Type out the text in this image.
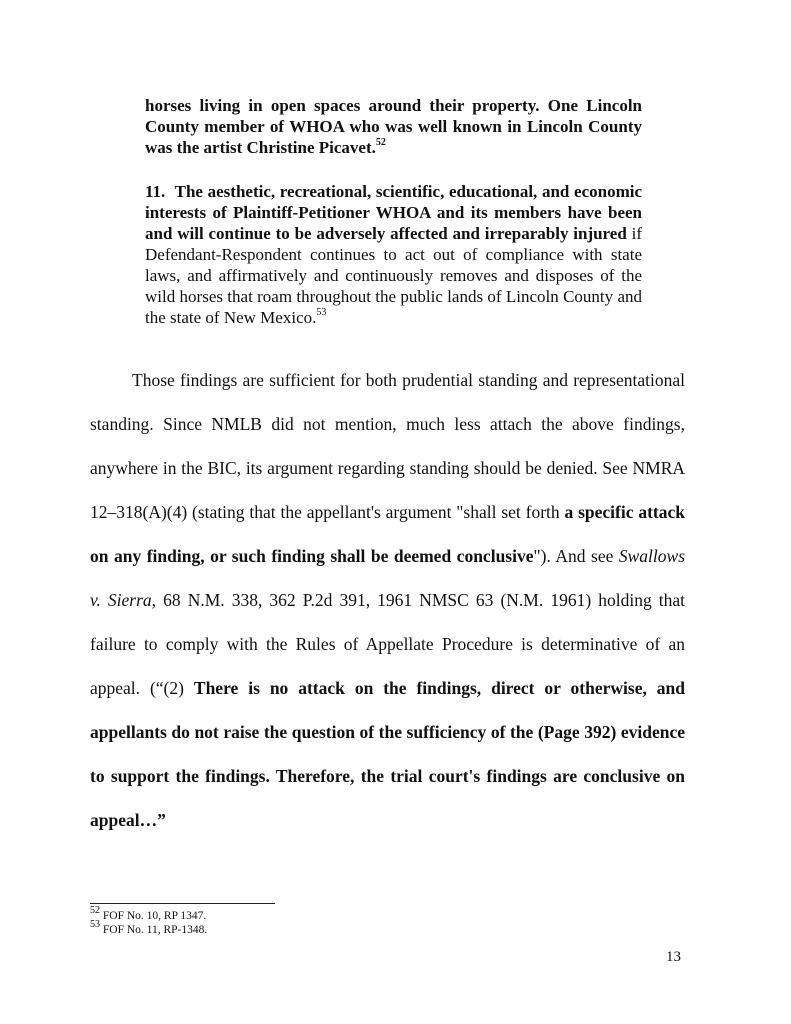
horses living in open spaces around their property. One Lincoln County member of WHOA who was well known in Lincoln County was the artist Christine Picavet.$^{52}$
11. The aesthetic, recreational, scientific, educational, and economic interests of Plaintiff-Petitioner WHOA and its members have been and will continue to be adversely affected and irreparably injured if Defendant-Respondent continues to act out of compliance with state laws, and affirmatively and continuously removes and disposes of the wild horses that roam throughout the public lands of Lincoln County and the state of New Mexico.$^{53}$
Those findings are sufficient for both prudential standing and representational
standing. Since NMLB did not mention, much less attach the above findings,
anywhere in the BIC, its argument regarding standing should be denied. See NMRA
12–318(A)(4) (stating that the appellant's argument "shall set forth a specific attack
on any finding, or such finding shall be deemed conclusive"). And see Swallows
v. Sierra, 68 N.M. 338, 362 P.2d 391, 1961 NMSC 63 (N.M. 1961) holding that
failure to comply with the Rules of Appellate Procedure is determinative of an
appeal. (“(2) There is no attack on the findings, direct or otherwise, and
appellants do not raise the question of the sufficiency of the (Page 392) evidence
to support the findings. Therefore, the trial court's findings are conclusive on
appeal…”
$^{52}$ FOF No. 10, RP 1347.
$^{53}$ FOF No. 11, RP-1348.
13
